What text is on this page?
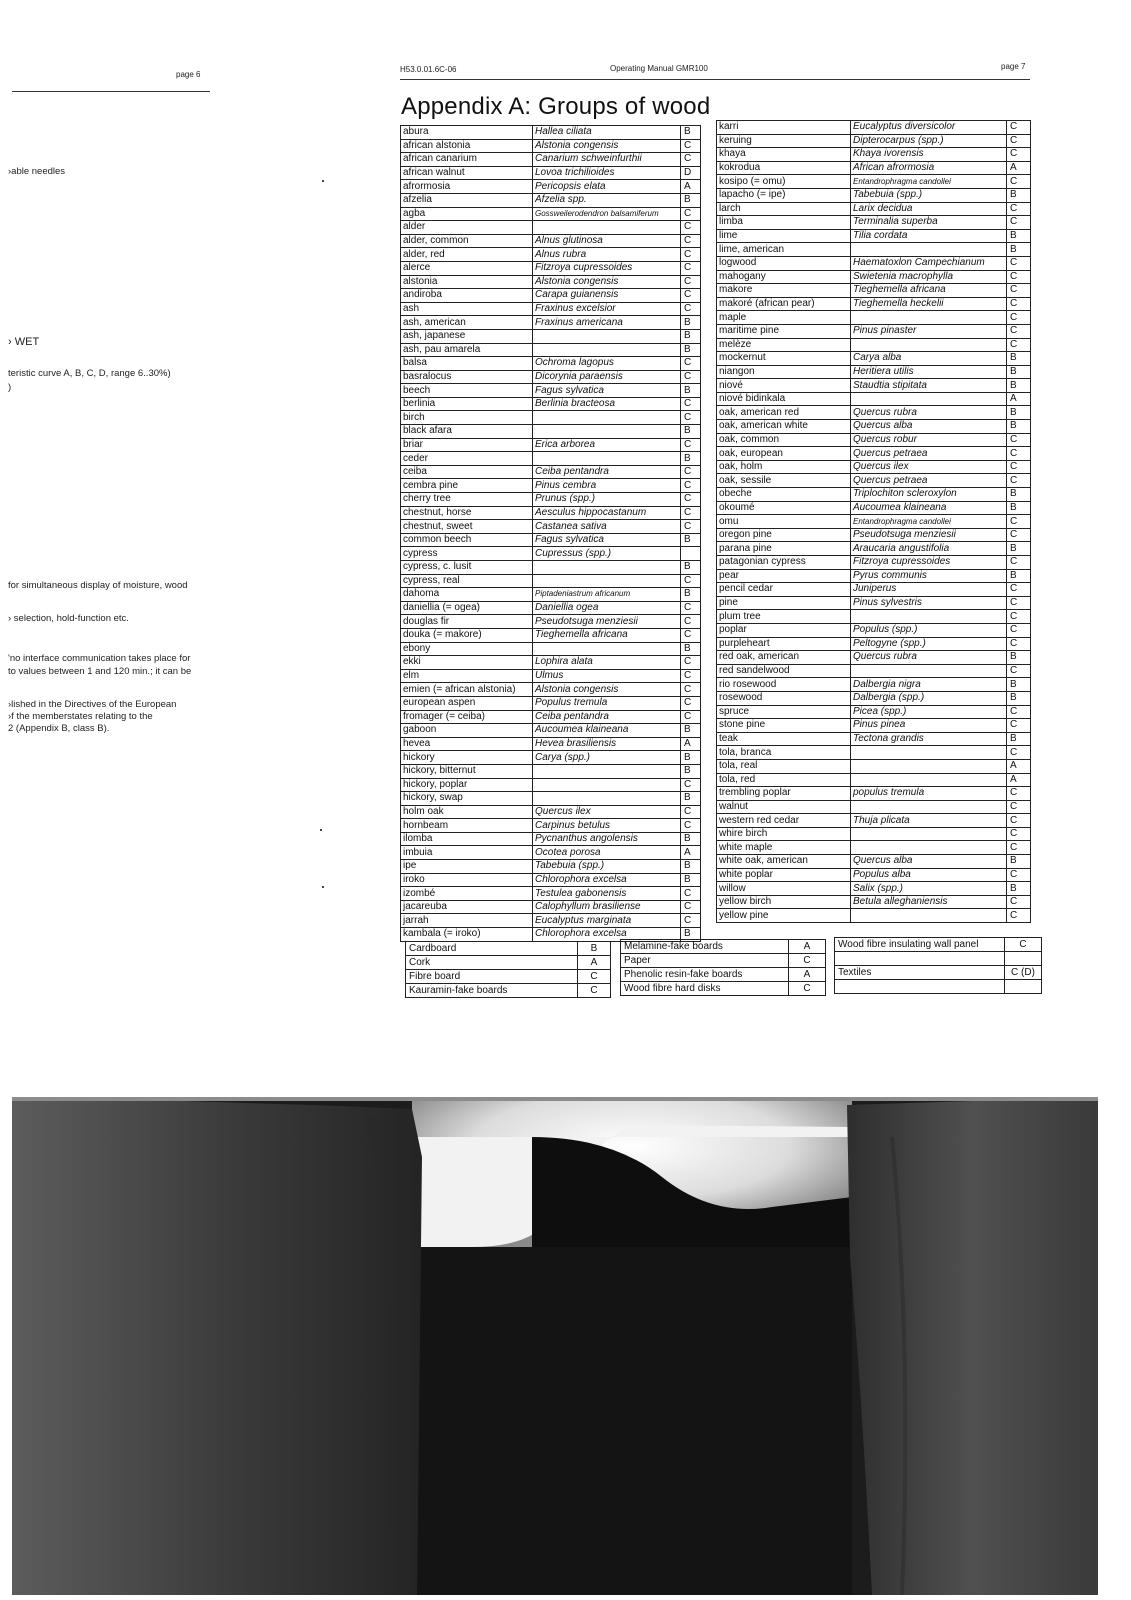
page 6
›able needles
› WET
teristic curve A, B, C, D, range 6..30%)
)
for simultaneous display of moisture, wood
› selection, hold-function etc.
'no interface communication takes place for
to values between 1 and 120 min.; it can be
›lished in the Directives of the European
›f the memberstates relating to the
2 (Appendix B, class B).
H53.0.01.6C-06	Operating Manual GMR100	page 7
Appendix A: Groups of wood
abura	Hallea ciliata	B
african alstonia	Alstonia congensis	C
african canarium	Canarium schweinfurthii	C
african walnut	Lovoa trichilioides	D
afrormosia	Pericopsis elata	A
afzelia	Afzelia spp.	B
agba	Gossweilerodendron balsamiferum	C
alder		C
alder, common	Alnus glutinosa	C
alder, red	Alnus rubra	C
alerce	Fitzroya cupressoides	C
alstonia	Alstonia congensis	C
andiroba	Carapa guianensis	C
ash	Fraxinus excelsior	C
ash, american	Fraxinus americana	B
ash, japanese		B
ash, pau amarela		B
balsa	Ochroma lagopus	C
basralocus	Dicorynia paraensis	C
beech	Fagus sylvatica	B
berlinia	Berlinia bracteosa	C
birch		C
black afara		B
briar	Erica arborea	C
ceder		B
ceiba	Ceiba pentandra	C
cembra pine	Pinus cembra	C
cherry tree	Prunus (spp.)	C
chestnut, horse	Aesculus hippocastanum	C
chestnut, sweet	Castanea sativa	C
common beech	Fagus sylvatica	B
cypress	Cupressus (spp.)	
cypress, c. lusit		B
cypress, real		C
dahoma	Piptadeniastrum africanum	B
daniellia (= ogea)	Daniellia ogea	C
douglas fir	Pseudotsuga menziesii	C
douka (= makore)	Tieghemella africana	C
ebony		B
ekki	Lophira alata	C
elm	Ulmus	C
emien (= african alstonia)	Alstonia congensis	C
european aspen	Populus tremula	C
fromager (= ceiba)	Ceiba pentandra	C
gaboon	Aucoumea klaineana	B
hevea	Hevea brasiliensis	A
hickory	Carya (spp.)	B
hickory, bitternut		B
hickory, poplar		C
hickory, swap		B
holm oak	Quercus ilex	C
hornbeam	Carpinus betulus	C
ilomba	Pycnanthus angolensis	B
imbuia	Ocotea porosa	A
ipe	Tabebuia (spp.)	B
iroko	Chlorophora excelsa	B
izombé	Testulea gabonensis	C
jacareuba	Calophyllum brasiliense	C
jarrah	Eucalyptus marginata	C
kambala (= iroko)	Chlorophora excelsa	B
karri	Eucalyptus diversicolor	C
keruing	Dipterocarpus (spp.)	C
khaya	Khaya ivorensis	C
kokrodua	African afrormosia	A
kosipo (= omu)	Entandrophragma candollei	C
lapacho (= ipe)	Tabebuia (spp.)	B
larch	Larix decidua	C
limba	Terminalia superba	C
lime	Tilia cordata	B
lime, american		B
logwood	Haematoxlon Campechianum	C
mahogany	Swietenia macrophylla	C
makore	Tieghemella africana	C
makoré (african pear)	Tieghemella heckelii	C
maple		C
maritime pine	Pinus pinaster	C
melèze		C
mockernut	Carya alba	B
niangon	Heritiera utilis	B
niové	Staudtia stipitata	B
niové bidinkala		A
oak, american red	Quercus rubra	B
oak, american white	Quercus alba	B
oak, common	Quercus robur	C
oak, european	Quercus petraea	C
oak, holm	Quercus ilex	C
oak, sessile	Quercus petraea	C
obeche	Triplochiton scleroxylon	B
okoumé	Aucoumea klaineana	B
omu	Entandrophragma candollei	C
oregon pine	Pseudotsuga menziesii	C
parana pine	Araucaria angustifolia	B
patagonian cypress	Fitzroya cupressoides	C
pear	Pyrus communis	B
pencil cedar	Juniperus	C
pine	Pinus sylvestris	C
plum tree		C
poplar	Populus (spp.)	C
purpleheart	Peltogyne (spp.)	C
red oak, american	Quercus rubra	B
red sandelwood		C
rio rosewood	Dalbergia nigra	B
rosewood	Dalbergia (spp.)	B
spruce	Picea (spp.)	C
stone pine	Pinus pinea	C
teak	Tectona grandis	B
tola, branca		C
tola, real		A
tola, red		A
trembling poplar	populus tremula	C
walnut		C
western red cedar	Thuja plicata	C
whire birch		C
white maple		C
white oak, american	Quercus alba	B
white poplar	Populus alba	C
willow	Salix (spp.)	B
yellow birch	Betula alleghaniensis	C
yellow pine		C
Cardboard	B
Cork	A
Fibre board	C
Kauramin-fake boards	C
Melamine-fake boards	A
Paper	C
Phenolic resin-fake boards	A
Wood fibre hard disks	C
Wood fibre insulating wall panel	C

Textiles	C (D)
